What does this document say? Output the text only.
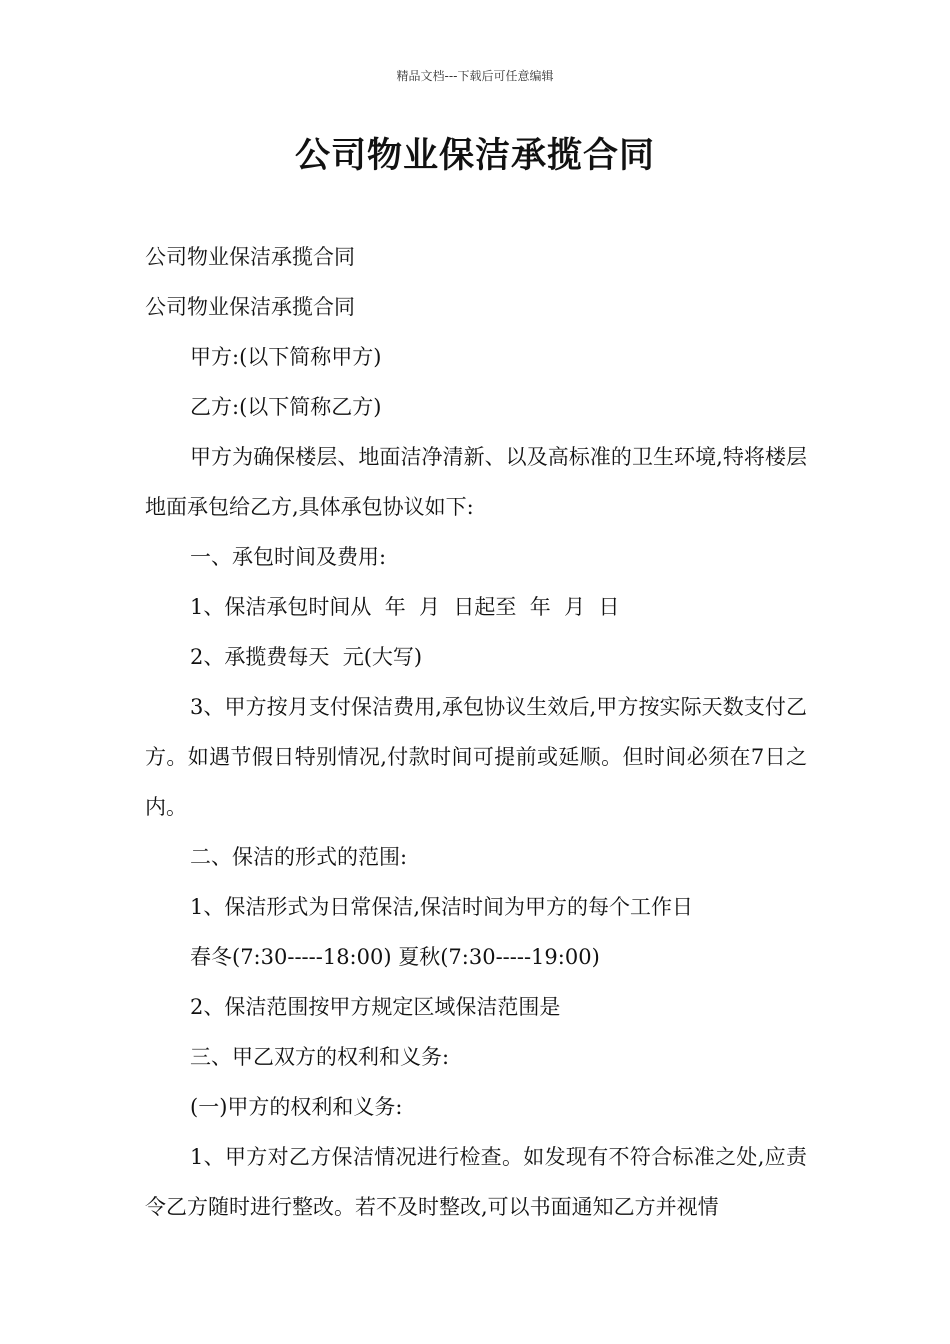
精品文档---下载后可任意编辑
公司物业保洁承揽合同

公司物业保洁承揽合同

公司物业保洁承揽合同

甲方:(以下简称甲方)

乙方:(以下简称乙方)

甲方为确保楼层、地面洁净清新、以及高标准的卫生环境,特将楼层地面承包给乙方,具体承包协议如下:

一、承包时间及费用:

1、保洁承包时间从  年  月  日起至  年  月  日

2、承揽费每天  元(大写)

3、甲方按月支付保洁费用,承包协议生效后,甲方按实际天数支付乙方。如遇节假日特别情况,付款时间可提前或延顺。但时间必须在7日之内。

二、保洁的形式的范围:

1、保洁形式为日常保洁,保洁时间为甲方的每个工作日

春冬(7:30-----18:00) 夏秋(7:30-----19:00)

2、保洁范围按甲方规定区域保洁范围是

三、甲乙双方的权利和义务:

(一)甲方的权利和义务:

1、甲方对乙方保洁情况进行检查。如发现有不符合标准之处,应责令乙方随时进行整改。若不及时整改,可以书面通知乙方并视情
